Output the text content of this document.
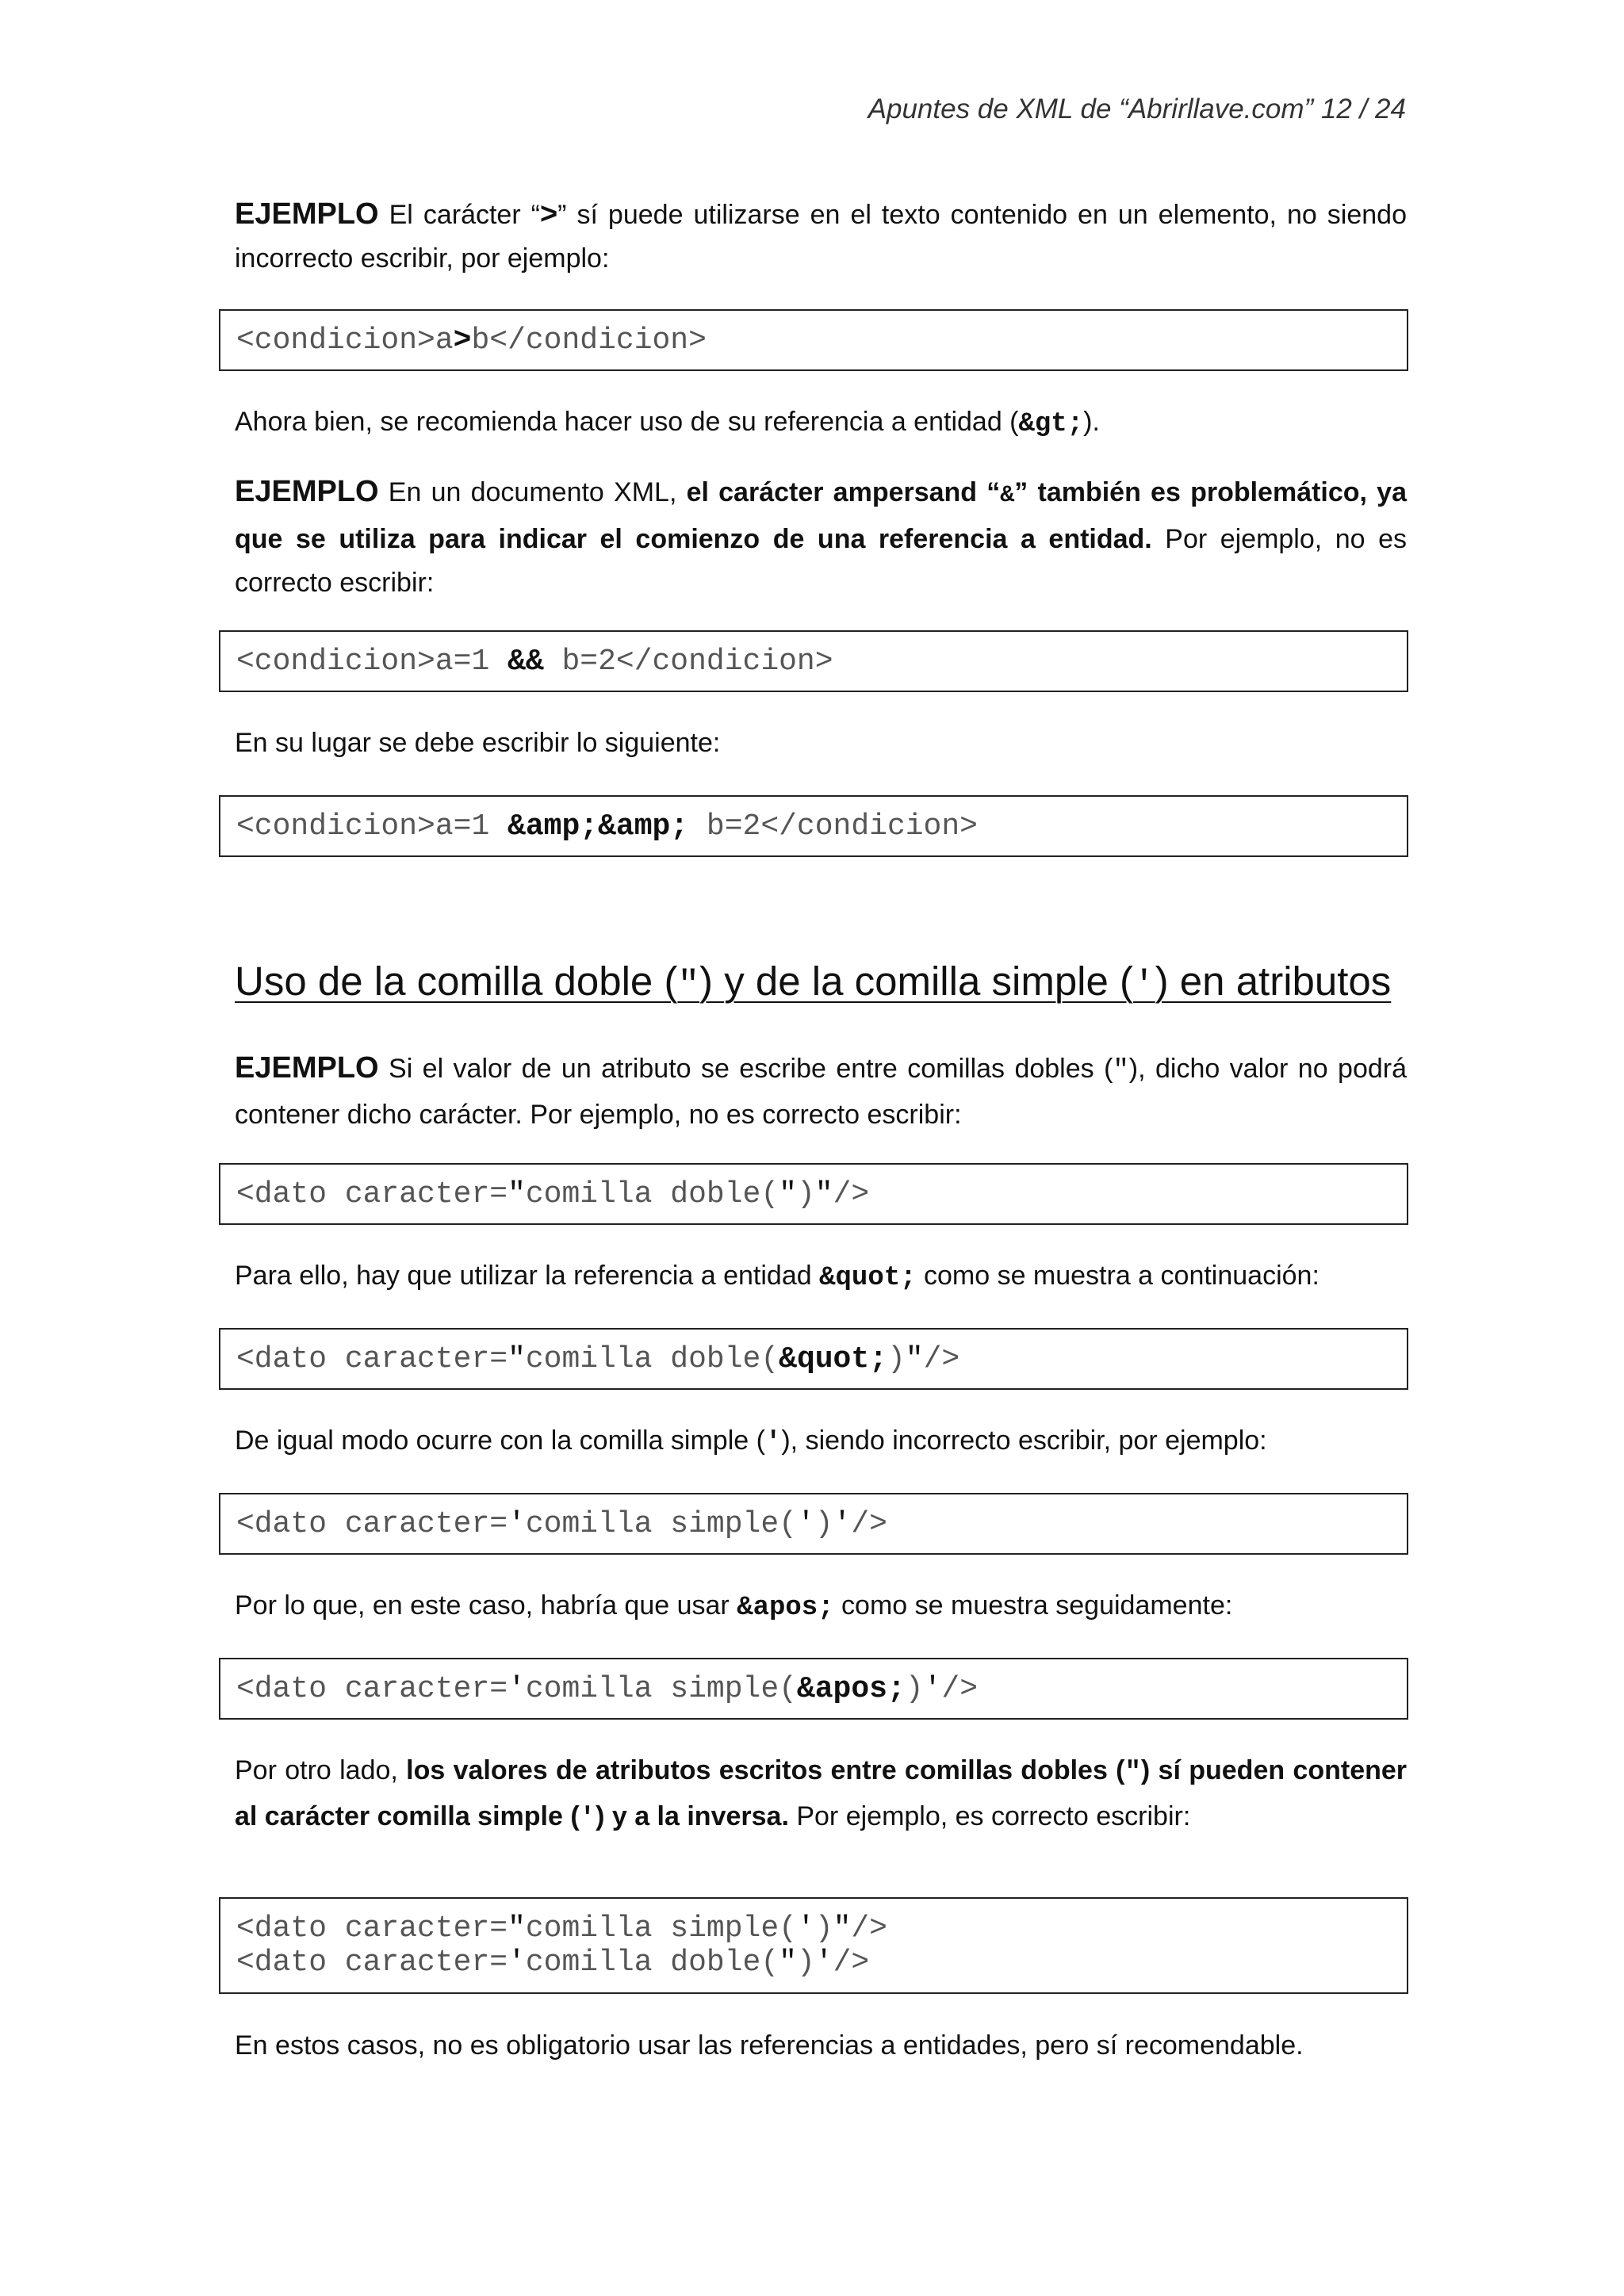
Apuntes de XML de “Abrirllave.com” 12 / 24
EJEMPLO El carácter “>” sí puede utilizarse en el texto contenido en un elemento, no siendo incorrecto escribir, por ejemplo:
<condicion>a>b</condicion>
Ahora bien, se recomienda hacer uso de su referencia a entidad (&gt;).
EJEMPLO En un documento XML, el carácter ampersand “&” también es problemático, ya que se utiliza para indicar el comienzo de una referencia a entidad. Por ejemplo, no es correcto escribir:
<condicion>a=1 && b=2</condicion>
En su lugar se debe escribir lo siguiente:
<condicion>a=1 &amp;&amp; b=2</condicion>
Uso de la comilla doble (") y de la comilla simple (') en atributos
EJEMPLO Si el valor de un atributo se escribe entre comillas dobles ("), dicho valor no podrá contener dicho carácter. Por ejemplo, no es correcto escribir:
<dato caracter="comilla doble(")"/>
Para ello, hay que utilizar la referencia a entidad &quot; como se muestra a continuación:
<dato caracter="comilla doble(&quot;)"/>
De igual modo ocurre con la comilla simple ('), siendo incorrecto escribir, por ejemplo:
<dato caracter='comilla simple(')'/>
Por lo que, en este caso, habría que usar &apos; como se muestra seguidamente:
<dato caracter='comilla simple(&apos;)'/>
Por otro lado, los valores de atributos escritos entre comillas dobles (") sí pueden contener al carácter comilla simple (') y a la inversa. Por ejemplo, es correcto escribir:
<dato caracter="comilla simple(')"/>
<dato caracter='comilla doble(")'/>
En estos casos, no es obligatorio usar las referencias a entidades, pero sí recomendable.
